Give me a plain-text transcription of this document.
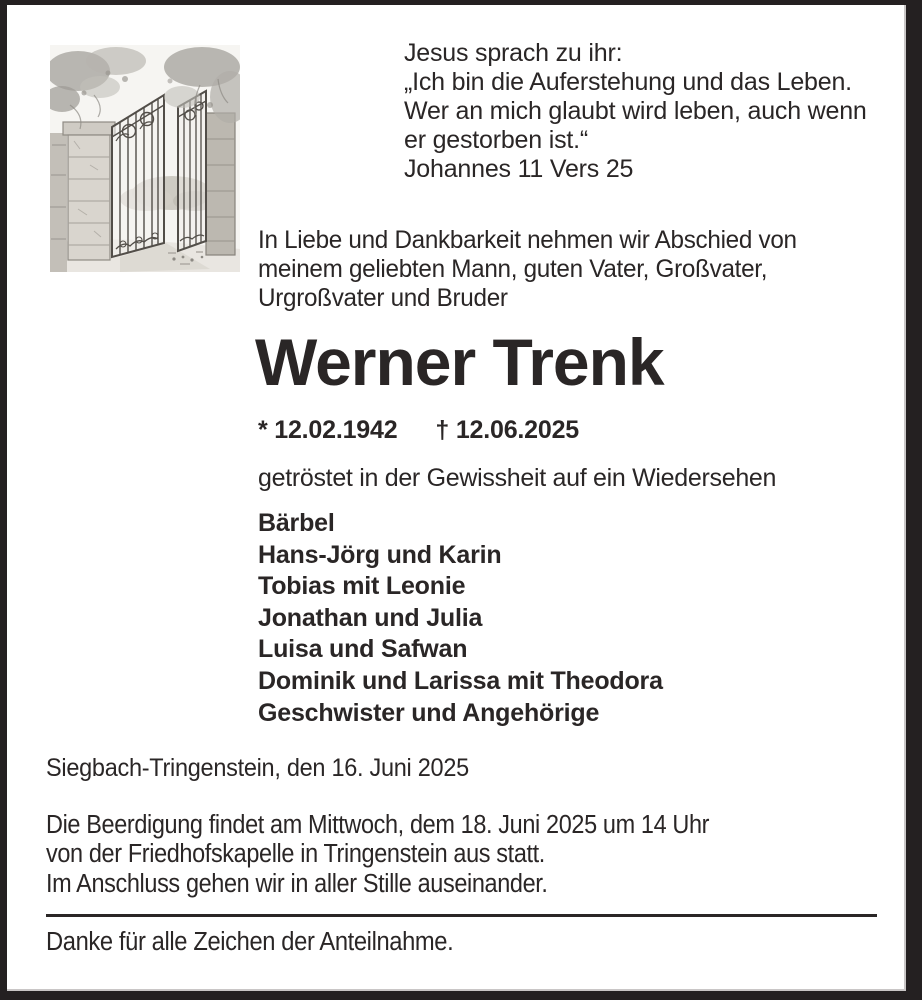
Jesus sprach zu ihr:
„Ich bin die Auferstehung und das Leben.
Wer an mich glaubt wird leben, auch wenn
er gestorben ist.“
Johannes 11 Vers 25
In Liebe und Dankbarkeit nehmen wir Abschied von
meinem geliebten Mann, guten Vater, Großvater,
Urgroßvater und Bruder
Werner Trenk
* 12.02.1942 † 12.06.2025
getröstet in der Gewissheit auf ein Wiedersehen
Bärbel
Hans-Jörg und Karin
Tobias mit Leonie
Jonathan und Julia
Luisa und Safwan
Dominik und Larissa mit Theodora
Geschwister und Angehörige
Siegbach-Tringenstein, den 16. Juni 2025
Die Beerdigung findet am Mittwoch, dem 18. Juni 2025 um 14 Uhr
von der Friedhofskapelle in Tringenstein aus statt.
Im Anschluss gehen wir in aller Stille auseinander.
Danke für alle Zeichen der Anteilnahme.
